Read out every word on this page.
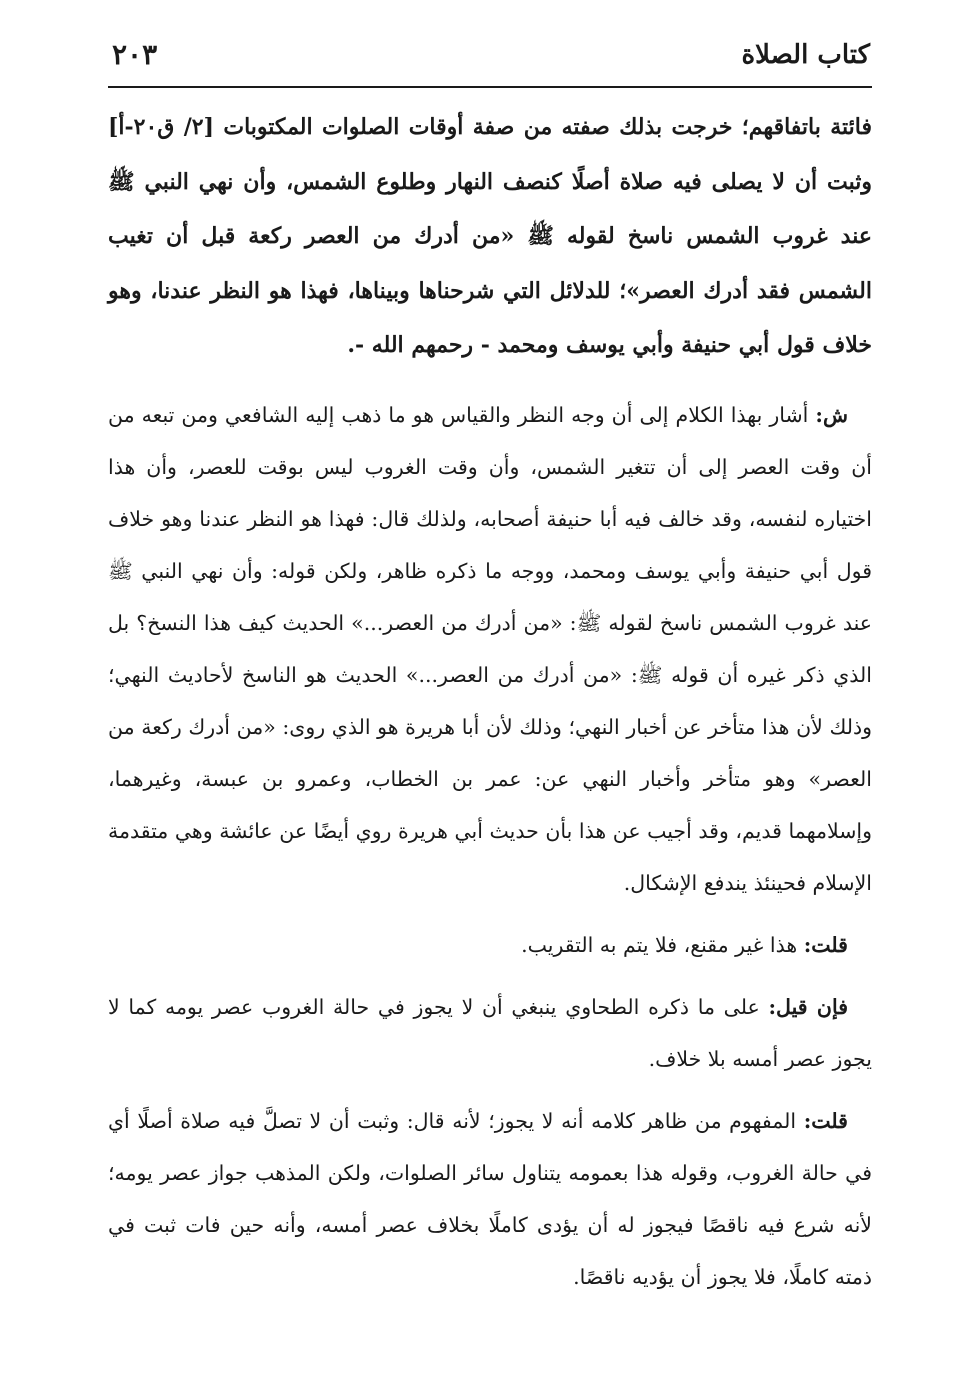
كتاب الصلاة
٢٠٣

فائتة باتفاقهم؛ خرجت بذلك صفته من صفة أوقات الصلوات المكتوبات [٢/ ق٢٠-أ] وثبت أن لا يصلى فيه صلاة أصلًا كنصف النهار وطلوع الشمس، وأن نهي النبي ﷺ عند غروب الشمس ناسخ لقوله ﷺ «من أدرك من العصر ركعة قبل أن تغيب الشمس فقد أدرك العصر»؛ للدلائل التي شرحناها وبيناها، فهذا هو النظر عندنا، وهو خلاف قول أبي حنيفة وأبي يوسف ومحمد - رحمهم الله -.

ش: أشار بهذا الكلام إلى أن وجه النظر والقياس هو ما ذهب إليه الشافعي ومن تبعه من أن وقت العصر إلى أن تتغير الشمس، وأن وقت الغروب ليس بوقت للعصر، وأن هذا اختياره لنفسه، وقد خالف فيه أبا حنيفة أصحابه، ولذلك قال: فهذا هو النظر عندنا وهو خلاف قول أبي حنيفة وأبي يوسف ومحمد، ووجه ما ذكره ظاهر، ولكن قوله: وأن نهي النبي ﷺ عند غروب الشمس ناسخ لقوله ﷺ: «من أدرك من العصر...» الحديث كيف هذا النسخ؟ بل الذي ذكر غيره أن قوله ﷺ: «من أدرك من العصر...» الحديث هو الناسخ لأحاديث النهي؛ وذلك لأن هذا متأخر عن أخبار النهي؛ وذلك لأن أبا هريرة هو الذي روى: «من أدرك ركعة من العصر» وهو متأخر وأخبار النهي عن: عمر بن الخطاب، وعمرو بن عبسة، وغيرهما، وإسلامهما قديم، وقد أجيب عن هذا بأن حديث أبي هريرة روي أيضًا عن عائشة وهي متقدمة الإسلام فحينئذ يندفع الإشكال.

قلت: هذا غير مقنع، فلا يتم به التقريب.

فإن قيل: على ما ذكره الطحاوي ينبغي أن لا يجوز في حالة الغروب عصر يومه كما لا يجوز عصر أمسه بلا خلاف.

قلت: المفهوم من ظاهر كلامه أنه لا يجوز؛ لأنه قال: وثبت أن لا تصلَّ فيه صلاة أصلًا أي في حالة الغروب، وقوله هذا بعمومه يتناول سائر الصلوات، ولكن المذهب جواز عصر يومه؛ لأنه شرع فيه ناقصًا فيجوز له أن يؤدى كاملًا بخلاف عصر أمسه، وأنه حين فات ثبت في ذمته كاملًا، فلا يجوز أن يؤديه ناقصًا.
